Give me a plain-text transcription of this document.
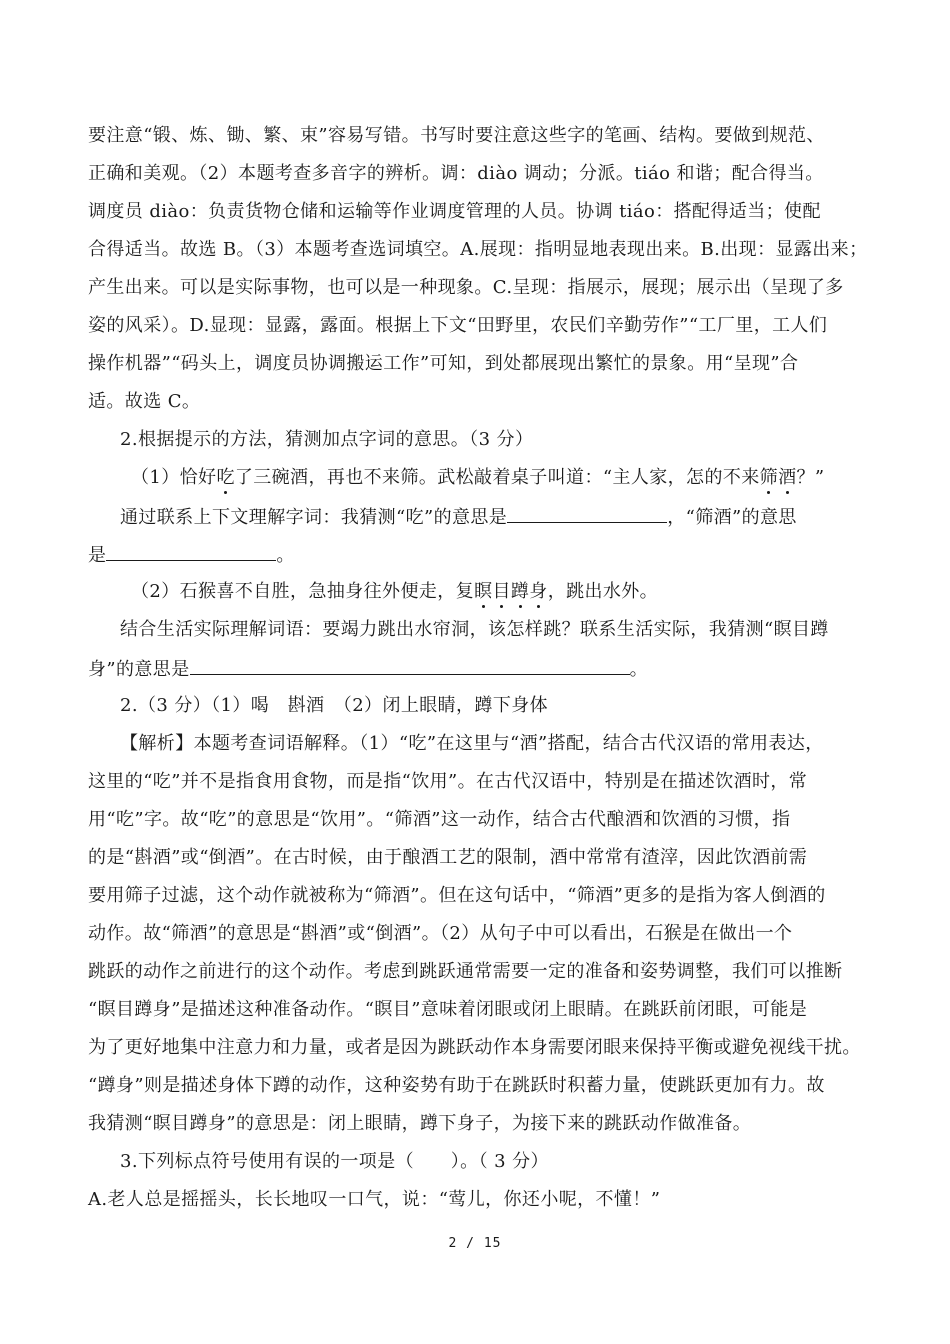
要注意“锻、炼、锄、繁、束”容易写错。书写时要注意这些字的笔画、结构。要做到规范、
正确和美观。（2）本题考查多音字的辨析。调：diào 调动；分派。tiáo 和谐；配合得当。
调度员 diào：负责货物仓储和运输等作业调度管理的人员。协调 tiáo：搭配得适当；使配
合得适当。故选 B。（3）本题考查选词填空。A.展现：指明显地表现出来。B.出现：显露出来；
产生出来。可以是实际事物，也可以是一种现象。C.呈现：指展示，展现；展示出（呈现了多
姿的风采）。D.显现：显露，露面。根据上下文“田野里，农民们辛勤劳作”“工厂里，工人们
操作机器”“码头上，调度员协调搬运工作”可知，到处都展现出繁忙的景象。用“呈现”合
适。故选 C。
2.根据提示的方法，猜测加点字词的意思。（3 分）
（1）恰好吃了三碗酒，再也不来筛。武松敲着桌子叫道：“主人家，怎的不来筛酒？”
通过联系上下文理解字词：我猜测“吃”的意思是	，“筛酒”的意思
是	。
（2）石猴喜不自胜，急抽身往外便走，复瞑目蹲身，跳出水外。
结合生活实际理解词语：要竭力跳出水帘洞，该怎样跳？联系生活实际，我猜测“瞑目蹲
身”的意思是	。
2.（3 分）（1）喝　斟酒　（2）闭上眼睛，蹲下身体
【解析】本题考查词语解释。（1）“吃”在这里与“酒”搭配，结合古代汉语的常用表达，
这里的“吃”并不是指食用食物，而是指“饮用”。在古代汉语中，特别是在描述饮酒时，常
用“吃”字。故“吃”的意思是“饮用”。“筛酒”这一动作，结合古代酿酒和饮酒的习惯，指
的是“斟酒”或“倒酒”。在古时候，由于酿酒工艺的限制，酒中常常有渣滓，因此饮酒前需
要用筛子过滤，这个动作就被称为“筛酒”。但在这句话中，“筛酒”更多的是指为客人倒酒的
动作。故“筛酒”的意思是“斟酒”或“倒酒”。（2）从句子中可以看出，石猴是在做出一个
跳跃的动作之前进行的这个动作。考虑到跳跃通常需要一定的准备和姿势调整，我们可以推断
“瞑目蹲身”是描述这种准备动作。“瞑目”意味着闭眼或闭上眼睛。在跳跃前闭眼，可能是
为了更好地集中注意力和力量，或者是因为跳跃动作本身需要闭眼来保持平衡或避免视线干扰。
“蹲身”则是描述身体下蹲的动作，这种姿势有助于在跳跃时积蓄力量，使跳跃更加有力。故
我猜测“瞑目蹲身”的意思是：闭上眼睛，蹲下身子，为接下来的跳跃动作做准备。
3.下列标点符号使用有误的一项是（　　）。（ 3 分）
A.老人总是摇摇头，长长地叹一口气，说：“莺儿，你还小呢，不懂！”
2 / 15
